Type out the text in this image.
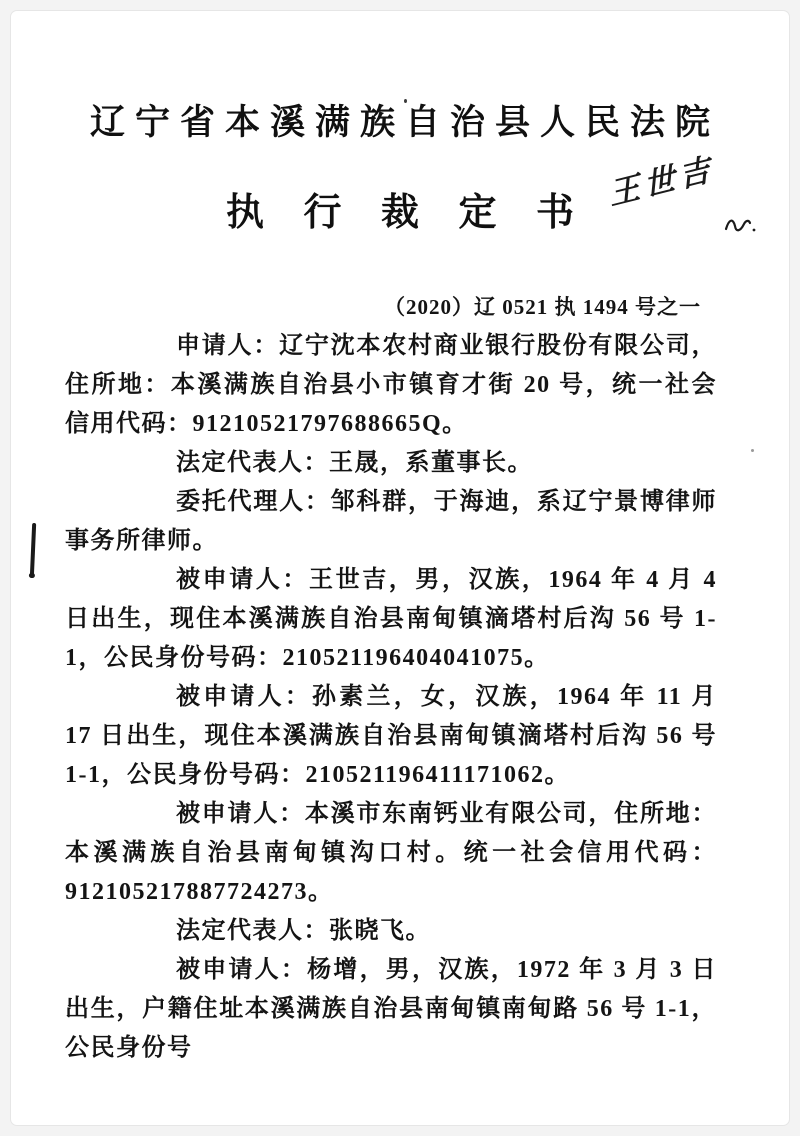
辽宁省本溪满族自治县人民法院
执 行 裁 定 书
王世吉
（2020）辽 0521 执 1494 号之一

申请人：辽宁沈本农村商业银行股份有限公司，住所地：本溪满族自治县小市镇育才街 20 号，统一社会信用代码：91210521797688665Q。

法定代表人：王晟，系董事长。

委托代理人：邹科群，于海迪，系辽宁景博律师事务所律师。

被申请人：王世吉，男，汉族，1964 年 4 月 4 日出生，现住本溪满族自治县南甸镇滴塔村后沟 56 号 1-1，公民身份号码：210521196404041075。

被申请人：孙素兰，女，汉族，1964 年 11 月 17 日出生，现住本溪满族自治县南甸镇滴塔村后沟 56 号 1-1，公民身份号码：210521196411171062。

被申请人：本溪市东南钙业有限公司，住所地：本溪满族自治县南甸镇沟口村。统一社会信用代码：912105217887724273。

法定代表人：张晓飞。

被申请人：杨增，男，汉族，1972 年 3 月 3 日出生，户籍住址本溪满族自治县南甸镇南甸路 56 号 1-1，公民身份号
